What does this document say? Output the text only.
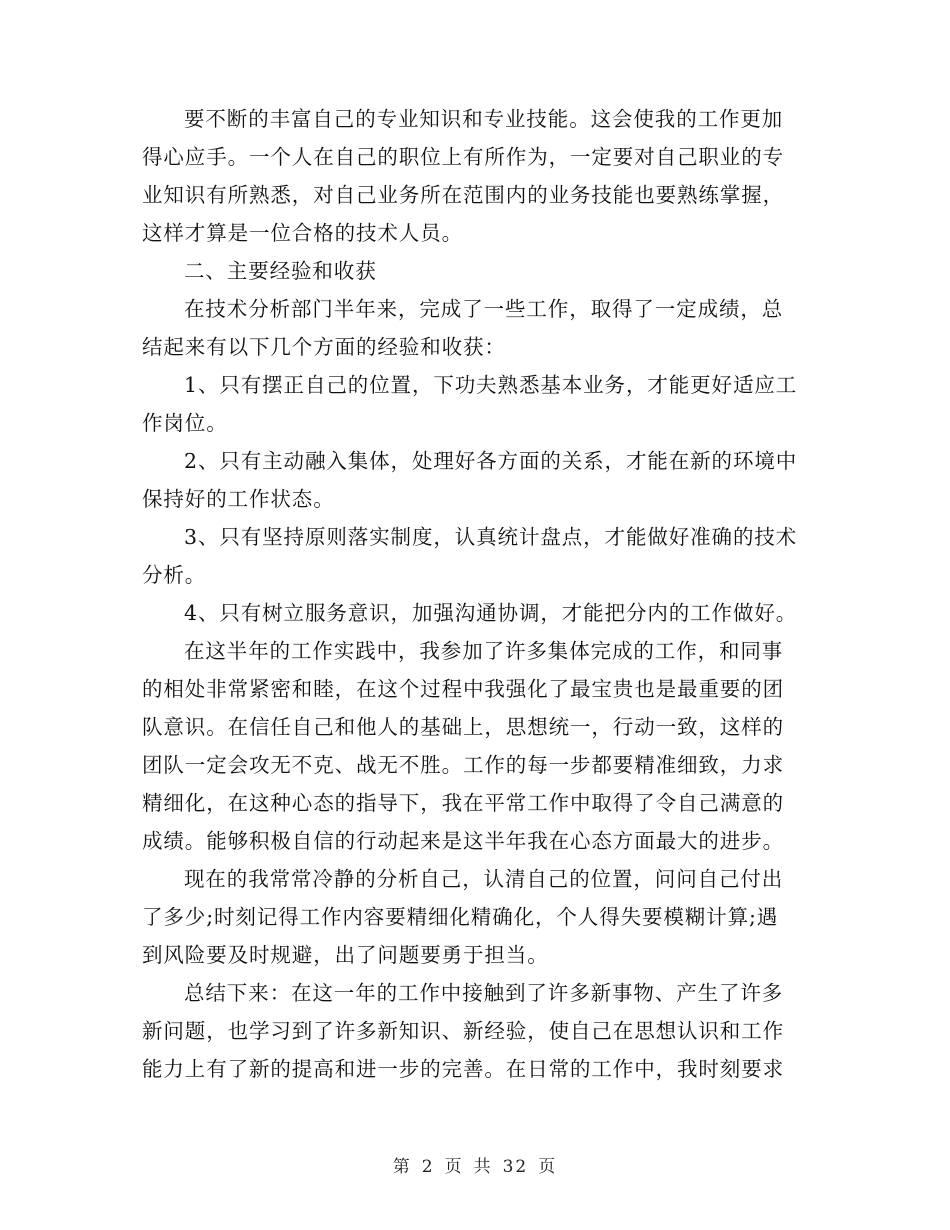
要不断的丰富自己的专业知识和专业技能。这会使我的工作更加
得心应手。一个人在自己的职位上有所作为，一定要对自己职业的专
业知识有所熟悉，对自己业务所在范围内的业务技能也要熟练掌握，
这样才算是一位合格的技术人员。
二、主要经验和收获
在技术分析部门半年来，完成了一些工作，取得了一定成绩，总
结起来有以下几个方面的经验和收获：
1、只有摆正自己的位置，下功夫熟悉基本业务，才能更好适应工
作岗位。
2、只有主动融入集体，处理好各方面的关系，才能在新的环境中
保持好的工作状态。
3、只有坚持原则落实制度，认真统计盘点，才能做好准确的技术
分析。
4、只有树立服务意识，加强沟通协调，才能把分内的工作做好。
在这半年的工作实践中，我参加了许多集体完成的工作，和同事
的相处非常紧密和睦，在这个过程中我强化了最宝贵也是最重要的团
队意识。在信任自己和他人的基础上，思想统一，行动一致，这样的
团队一定会攻无不克、战无不胜。工作的每一步都要精准细致，力求
精细化，在这种心态的指导下，我在平常工作中取得了令自己满意的
成绩。能够积极自信的行动起来是这半年我在心态方面最大的进步。
现在的我常常冷静的分析自己，认清自己的位置，问问自己付出
了多少;时刻记得工作内容要精细化精确化，个人得失要模糊计算;遇
到风险要及时规避，出了问题要勇于担当。
总结下来：在这一年的工作中接触到了许多新事物、产生了许多
新问题，也学习到了许多新知识、新经验，使自己在思想认识和工作
能力上有了新的提高和进一步的完善。在日常的工作中，我时刻要求
第 2 页 共 32 页
